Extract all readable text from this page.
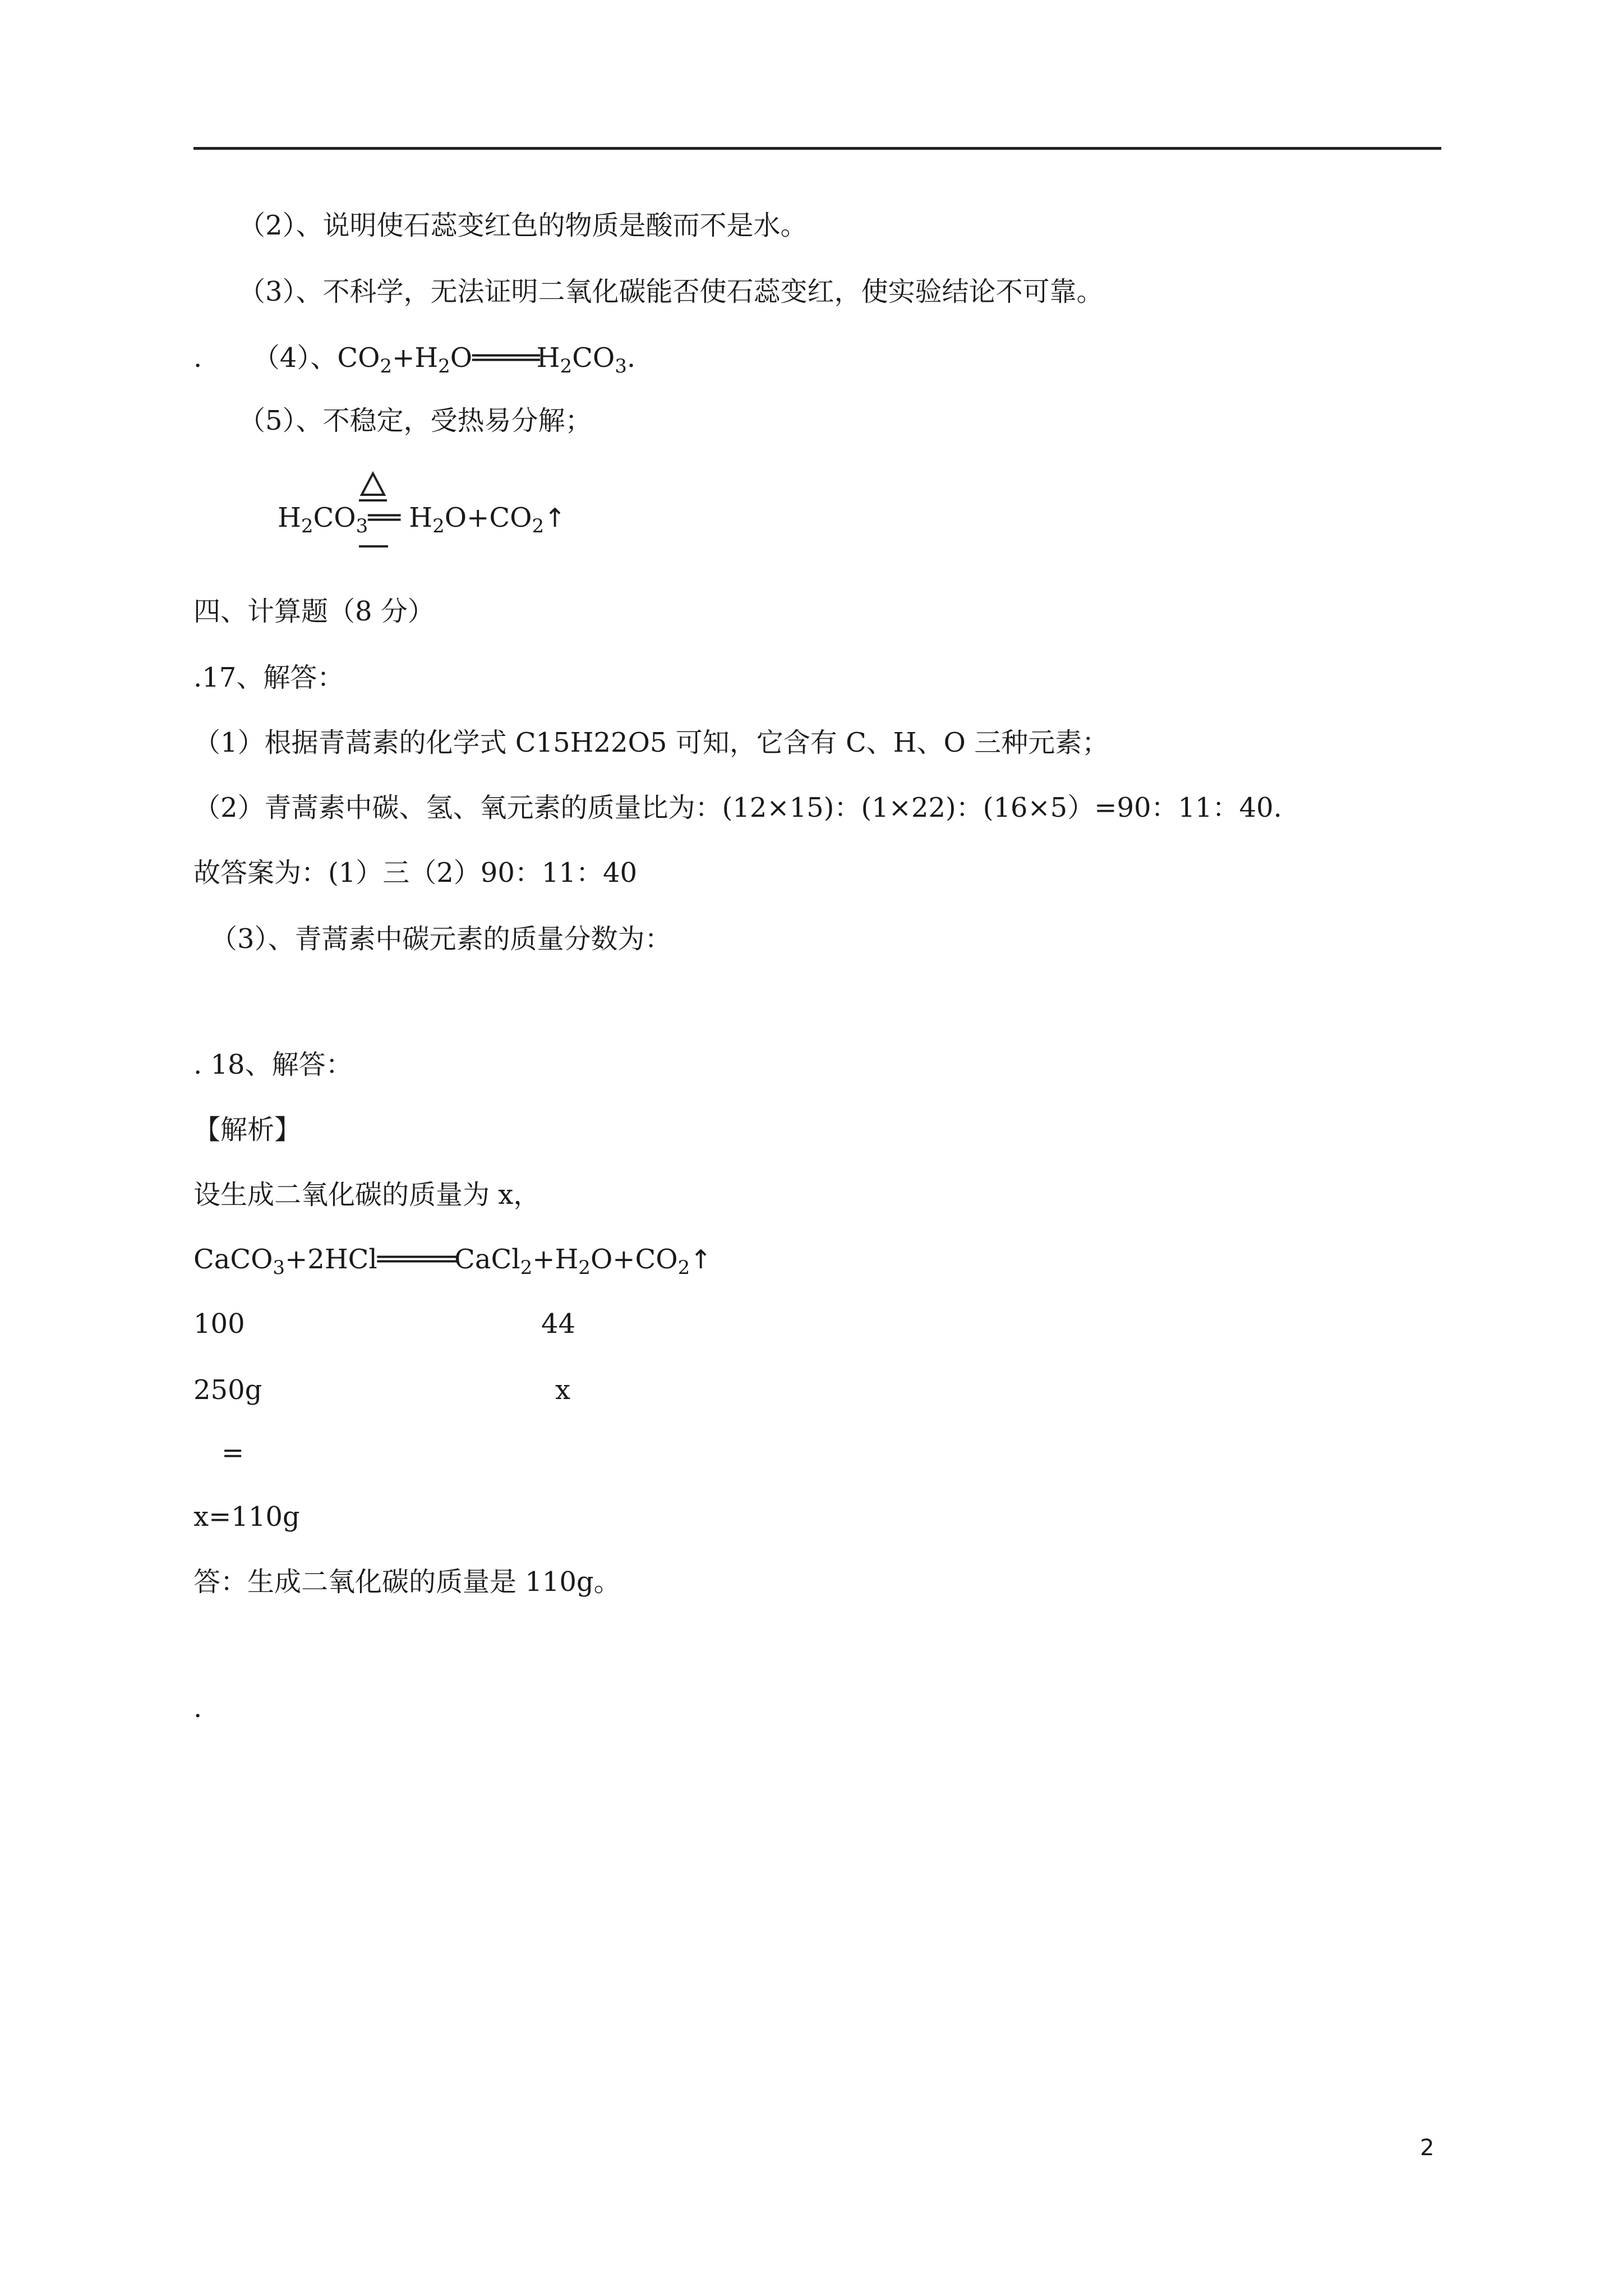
（2）、说明使石蕊变红色的物质是酸而不是水。
（3）、不科学，无法证明二氧化碳能否使石蕊变红，使实验结论不可靠。
. （4）、$CO_2+H_2O═════H_2CO_3$.
（5）、不稳定，受热易分解；
$H_2CO_3══$ $H_2O+CO_2↑$
四、计算题（8 分）
.17、解答：
（1）根据青蒿素的化学式 C15H22O5 可知，它含有 C、H、O 三种元素；
（2）青蒿素中碳、氢、氧元素的质量比为：(12×15)：(1×22)：(16×5）=90：11：40.
故答案为：(1）三（2）90：11：40
（3）、青蒿素中碳元素的质量分数为：
. 18、解答：
【解析】
设生成二氧化碳的质量为 x，
$CaCO_3+2HCl══════CaCl_2+H_2O+CO_2↑$
100	44
250g	x
=
x=110g
答：生成二氧化碳的质量是 110g。
.
2
